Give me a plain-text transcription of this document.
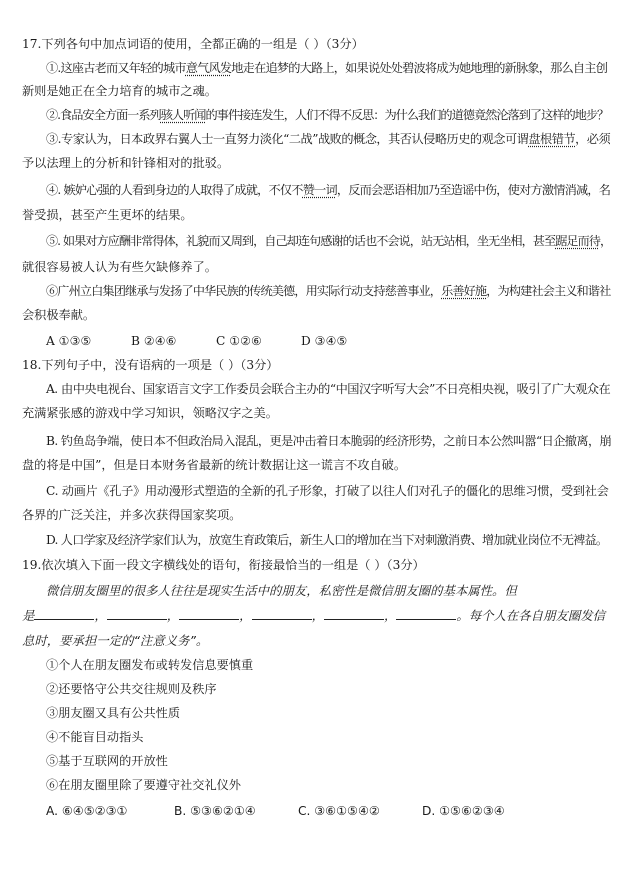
17.下列各句中加点词语的使用，全都正确的一组是（ ）（3分）
①.这座古老而又年轻的城市意气风发地走在追梦的大路上，如果说处处碧波将成为她地理的新脉象，那么自主创
新则是她正在全力培育的城市之魂。
②.食品安全方面一系列骇人听闻的事件接连发生，人们不得不反思：为什么我们的道德竟然沦落到了这样的地步？
③.专家认为，日本政界右翼人士一直努力淡化“二战”战败的概念，其否认侵略历史的观念可谓盘根错节，必须
予以法理上的分析和针锋相对的批驳。
④. 嫉妒心强的人看到身边的人取得了成就，不仅不赞一词，反而会恶语相加乃至造谣中伤，使对方激情消减，名
誉受损，甚至产生更坏的结果。
⑤. 如果对方应酬非常得体，礼貌而又周到，自己却连句感谢的话也不会说，站无站相，坐无坐相，甚至踞足而待，
就很容易被人认为有些欠缺修养了。
⑥广州立白集团继承与发扬了中华民族的传统美德，用实际行动支持慈善事业，乐善好施，为构建社会主义和谐社
会积极奉献。
A ①③⑤	B ②④⑥	C ①②⑥	D ③④⑤
18.下列句子中，没有语病的一项是（ ）（3分）
A. 由中央电视台、国家语言文字工作委员会联合主办的“中国汉字听写大会”不日亮相央视，吸引了广大观众在
充满紧张感的游戏中学习知识，领略汉字之美。
B. 钓鱼岛争端，使日本不但政治局入混乱，更是冲击着日本脆弱的经济形势，之前日本公然叫嚣“日企撤离，崩
盘的将是中国”，但是日本财务省最新的统计数据让这一谎言不攻自破。
C. 动画片《孔子》用动漫形式塑造的全新的孔子形象，打破了以往人们对孔子的僵化的思维习惯，受到社会
各界的广泛关注，并多次获得国家奖项。
D. 人口学家及经济学家们认为，放宽生育政策后，新生人口的增加在当下对刺激消费、增加就业岗位不无裨益。
19.依次填入下面一段文字横线处的语句，衔接最恰当的一组是（ ）（3分）
微信朋友圈里的很多人往往是现实生活中的朋友，私密性是微信朋友圈的基本属性。但
是	，	，	，	，	，	。每个人在各自朋友圈发信
息时，要承担一定的“注意义务”。
①个人在朋友圈发布或转发信息要慎重
②还要恪守公共交往规则及秩序
③朋友圈又具有公共性质
④不能盲目动指头
⑤基于互联网的开放性
⑥在朋友圈里除了要遵守社交礼仪外
A. ⑥④⑤②③①	B. ⑤③⑥②①④	C. ③⑥①⑤④②	D. ①⑤⑥②③④
